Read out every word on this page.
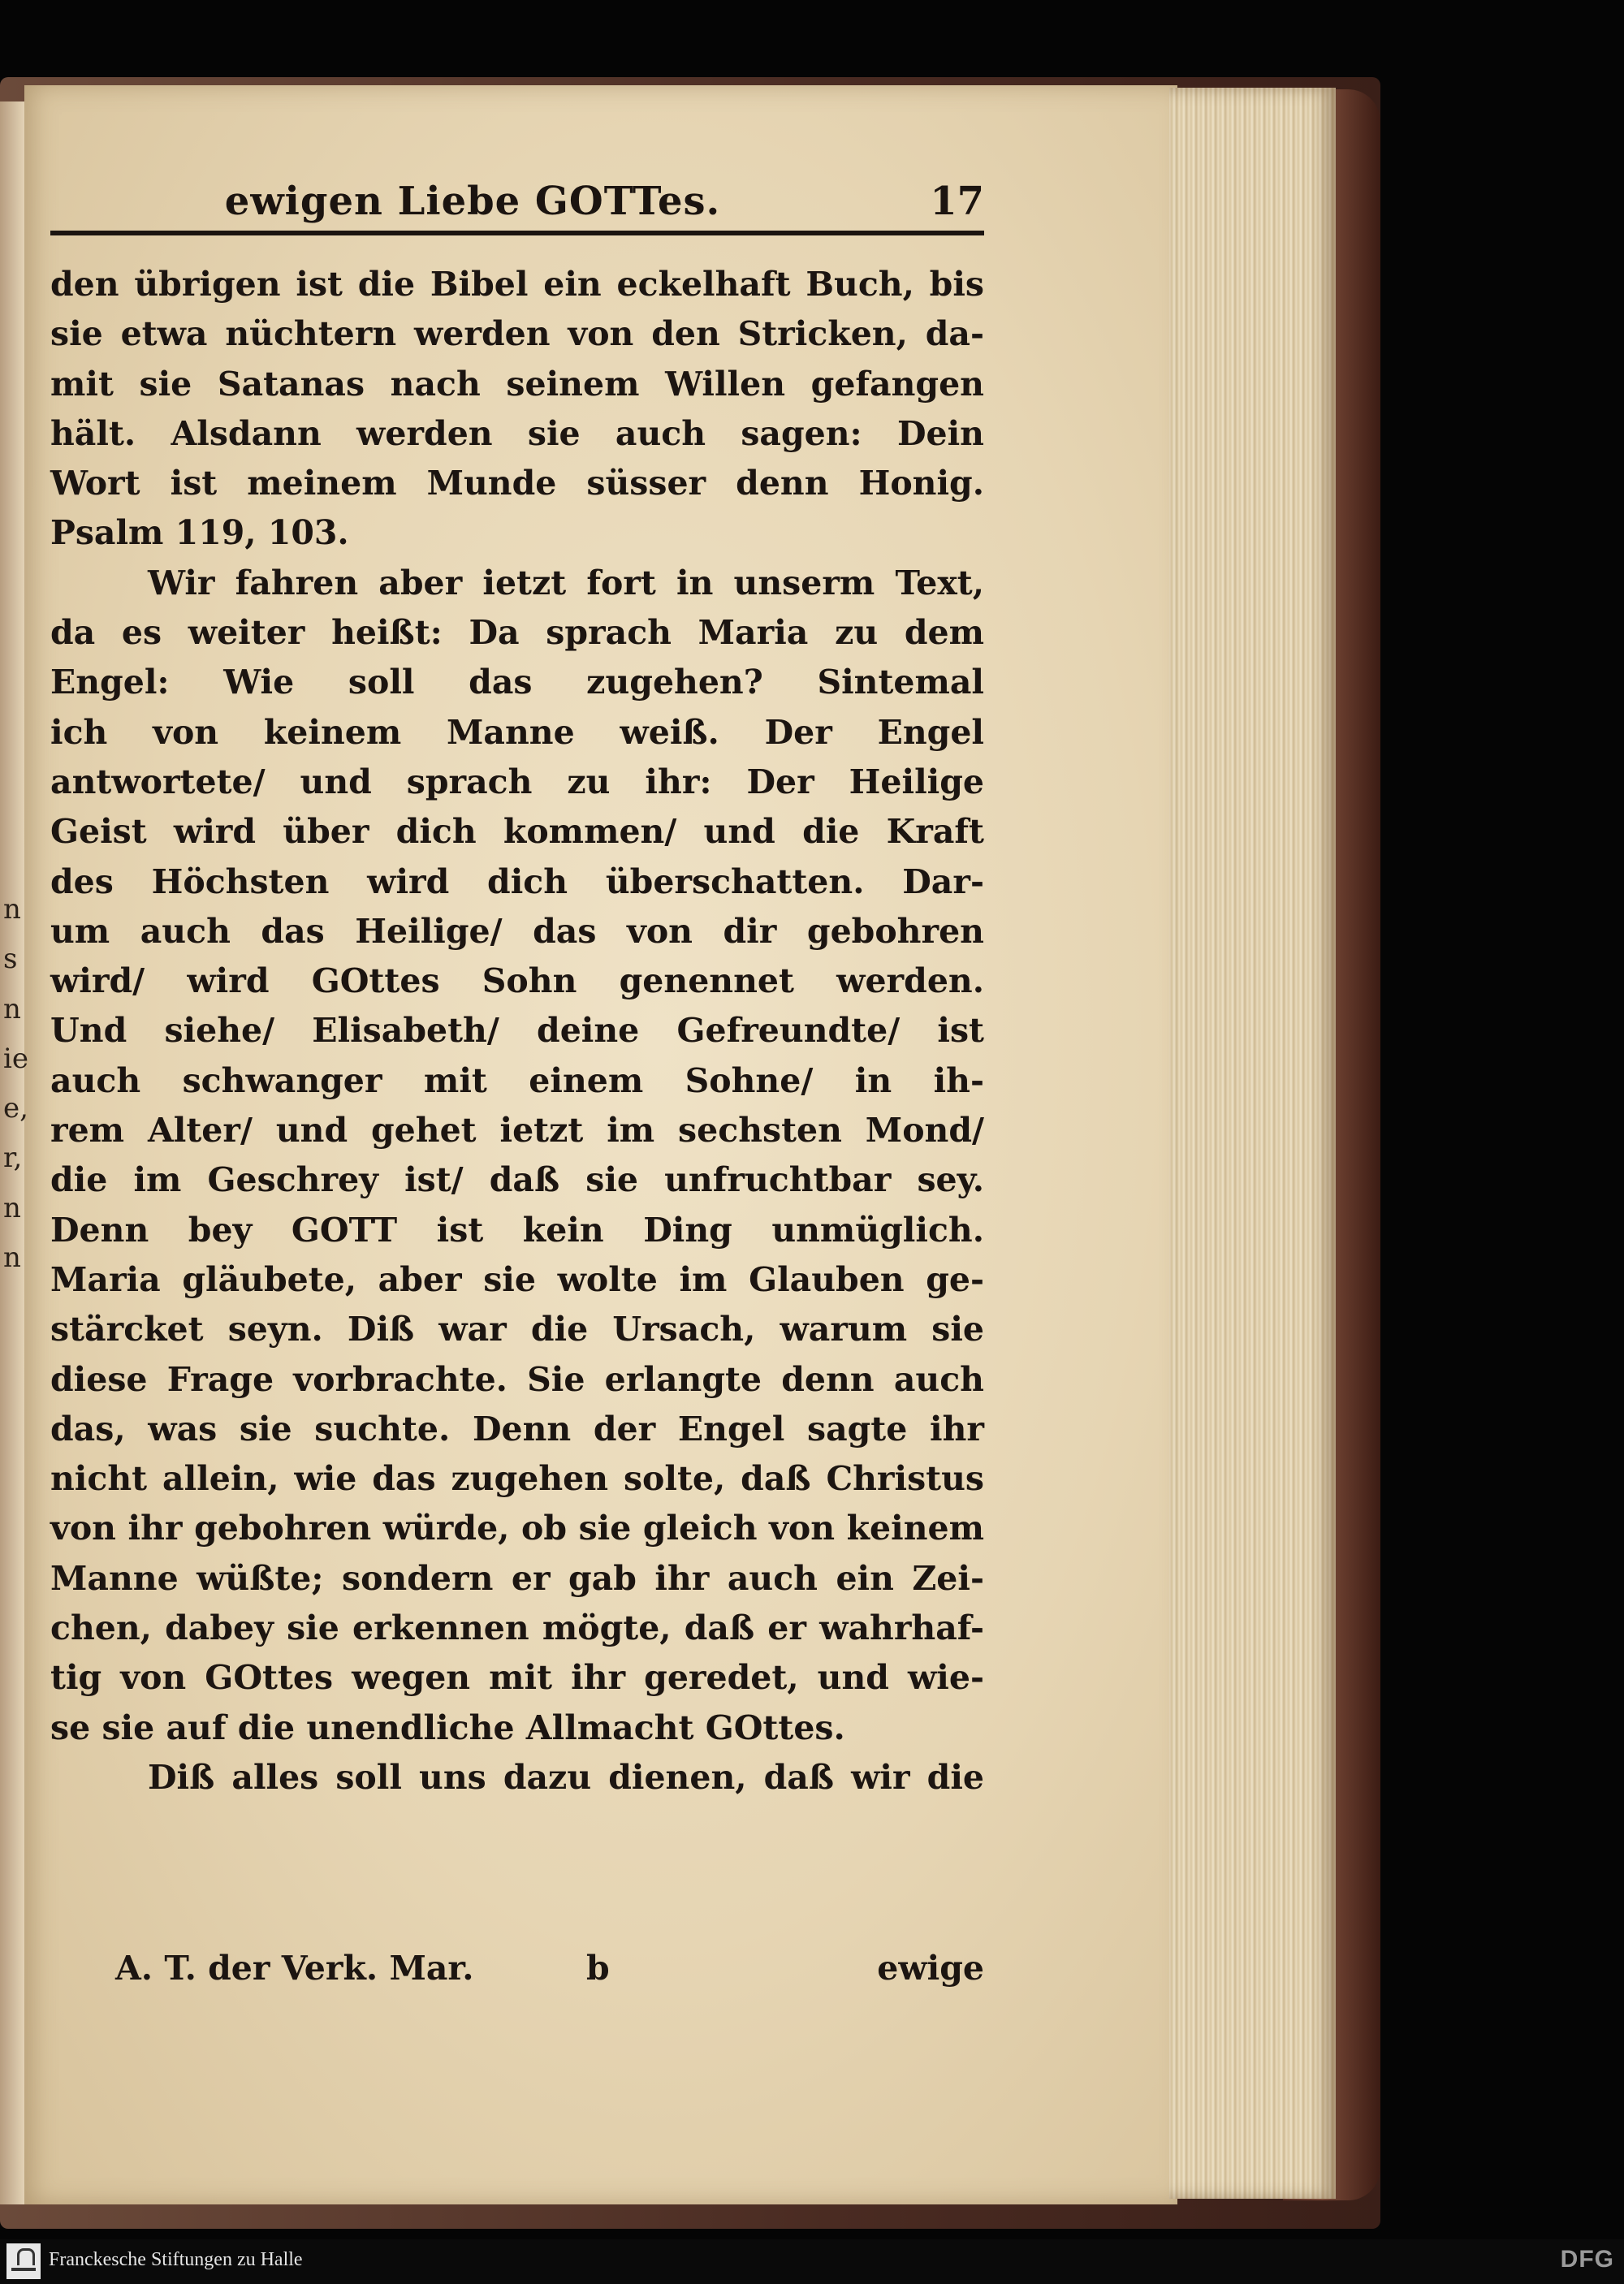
n
s
n
ie
e,
r,
n
n
ewigen Liebe GOTTes.	17
den übrigen ist die Bibel ein eckelhaft Buch, bis
sie etwa nüchtern werden von den Stricken, da-
mit sie Satanas nach seinem Willen gefangen
hält. Alsdann werden sie auch sagen: Dein
Wort ist meinem Munde süsser denn Honig.
Psalm 119, 103.
Wir fahren aber ietzt fort in unserm Text,
da es weiter heißt: Da sprach Maria zu dem
Engel: Wie soll das zugehen? Sintemal
ich von keinem Manne weiß. Der Engel
antwortete/ und sprach zu ihr: Der Heilige
Geist wird über dich kommen/ und die Kraft
des Höchsten wird dich überschatten. Dar-
um auch das Heilige/ das von dir gebohren
wird/ wird GOttes Sohn genennet werden.
Und siehe/ Elisabeth/ deine Gefreundte/ ist
auch schwanger mit einem Sohne/ in ih-
rem Alter/ und gehet ietzt im sechsten Mond/
die im Geschrey ist/ daß sie unfruchtbar sey.
Denn bey GOTT ist kein Ding unmüglich.
Maria gläubete, aber sie wolte im Glauben ge-
stärcket seyn. Diß war die Ursach, warum sie
diese Frage vorbrachte. Sie erlangte denn auch
das, was sie suchte. Denn der Engel sagte ihr
nicht allein, wie das zugehen solte, daß Christus
von ihr gebohren würde, ob sie gleich von keinem
Manne wüßte; sondern er gab ihr auch ein Zei-
chen, dabey sie erkennen mögte, daß er wahrhaf-
tig von GOttes wegen mit ihr geredet, und wie-
se sie auf die unendliche Allmacht GOttes.
Diß alles soll uns dazu dienen, daß wir die
A. T. der Verk. Mar.	b	ewige
Franckesche Stiftungen zu Halle	DFG
